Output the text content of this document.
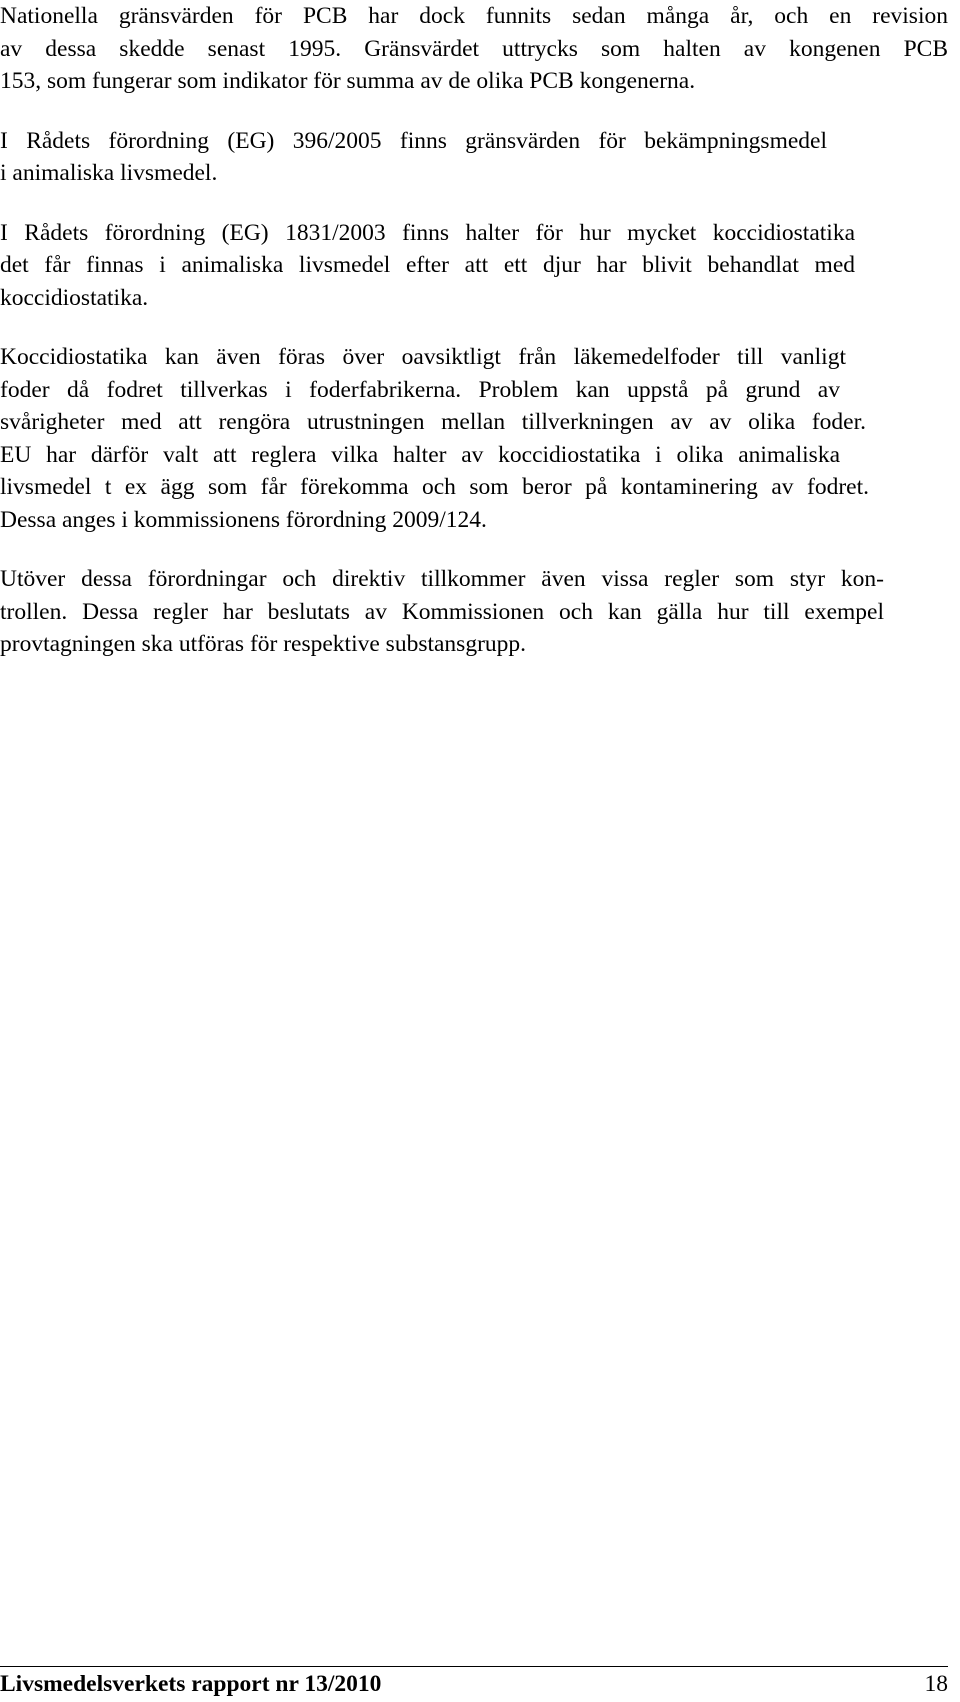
Nationella gränsvärden för PCB har dock funnits sedan många år, och en revision
av dessa skedde senast 1995. Gränsvärdet uttrycks som halten av kongenen PCB
153, som fungerar som indikator för summa av de olika PCB kongenerna.
I Rådets förordning (EG) 396/2005 finns gränsvärden för bekämpningsmedel
i animaliska livsmedel.
I Rådets förordning (EG) 1831/2003 finns halter för hur mycket koccidiostatika
det får finnas i animaliska livsmedel efter att ett djur har blivit behandlat med
koccidiostatika.
Koccidiostatika kan även föras över oavsiktligt från läkemedelfoder till vanligt
foder då fodret tillverkas i foderfabrikerna. Problem kan uppstå på grund av
svårigheter med att rengöra utrustningen mellan tillverkningen av av olika foder.
EU har därför valt att reglera vilka halter av koccidiostatika i olika animaliska
livsmedel t ex ägg som får förekomma och som beror på kontaminering av fodret.
Dessa anges i kommissionens förordning 2009/124.
Utöver dessa förordningar och direktiv tillkommer även vissa regler som styr kon-
trollen. Dessa regler har beslutats av Kommissionen och kan gälla hur till exempel
provtagningen ska utföras för respektive substansgrupp.
Livsmedelsverkets rapport nr 13/2010	18
